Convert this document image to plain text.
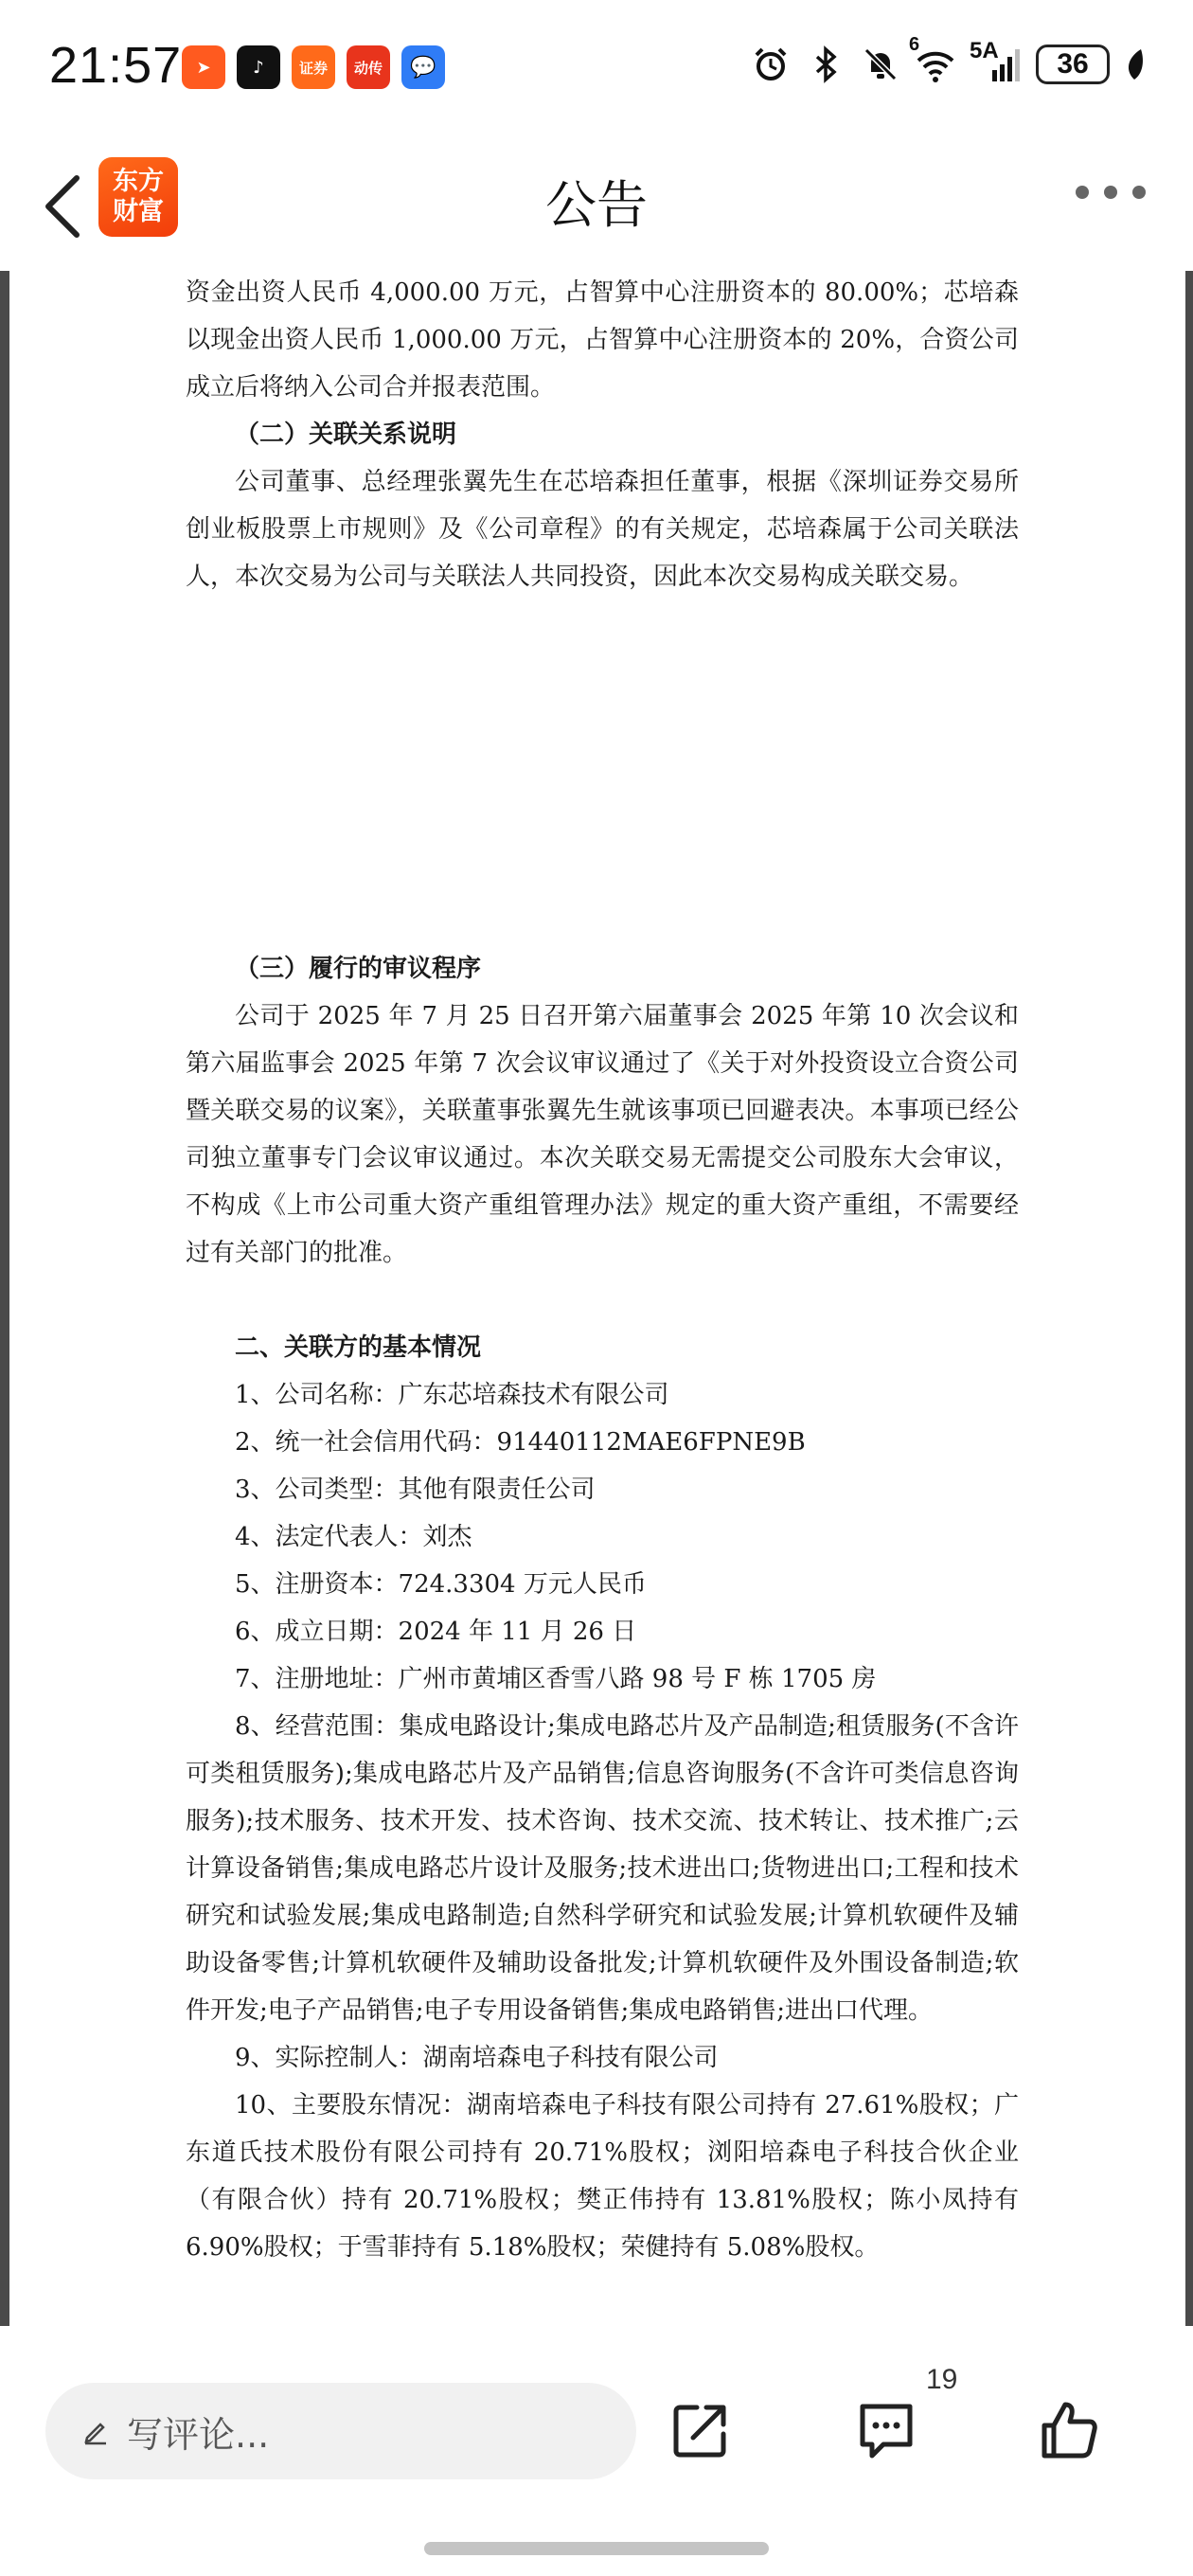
21:57 ➤	♪	证券	动传	💬
6 5A	36
东方
财富	公告

资金出资人民币 4,000.00 万元，占智算中心注册资本的 80.00%；芯培森以现金出资人民币 1,000.00 万元，占智算中心注册资本的 20%，合资公司成立后将纳入公司合并报表范围。

（二）关联关系说明

公司董事、总经理张翼先生在芯培森担任董事，根据《深圳证券交易所创业板股票上市规则》及《公司章程》的有关规定，芯培森属于公司关联法人，本次交易为公司与关联法人共同投资，因此本次交易构成关联交易。

（三）履行的审议程序

公司于 2025 年 7 月 25 日召开第六届董事会 2025 年第 10 次会议和第六届监事会 2025 年第 7 次会议审议通过了《关于对外投资设立合资公司暨关联交易的议案》，关联董事张翼先生就该事项已回避表决。本事项已经公司独立董事专门会议审议通过。本次关联交易无需提交公司股东大会审议，不构成《上市公司重大资产重组管理办法》规定的重大资产重组，不需要经过有关部门的批准。

二、关联方的基本情况

1、公司名称：广东芯培森技术有限公司

2、统一社会信用代码：91440112MAE6FPNE9B

3、公司类型：其他有限责任公司

4、法定代表人：刘杰

5、注册资本：724.3304 万元人民币

6、成立日期：2024 年 11 月 26 日

7、注册地址：广州市黄埔区香雪八路 98 号 F 栋 1705 房

8、经营范围：集成电路设计;集成电路芯片及产品制造;租赁服务(不含许可类租赁服务);集成电路芯片及产品销售;信息咨询服务(不含许可类信息咨询服务);技术服务、技术开发、技术咨询、技术交流、技术转让、技术推广;云计算设备销售;集成电路芯片设计及服务;技术进出口;货物进出口;工程和技术研究和试验发展;集成电路制造;自然科学研究和试验发展;计算机软硬件及辅助设备零售;计算机软硬件及辅助设备批发;计算机软硬件及外围设备制造;软件开发;电子产品销售;电子专用设备销售;集成电路销售;进出口代理。

9、实际控制人：湖南培森电子科技有限公司

10、主要股东情况：湖南培森电子科技有限公司持有 27.61%股权；广东道氏技术股份有限公司持有 20.71%股权；浏阳培森电子科技合伙企业（有限合伙）持有 20.71%股权；樊正伟持有 13.81%股权；陈小凤持有 6.90%股权；于雪菲持有 5.18%股权；荣健持有 5.08%股权。

写评论...
19
